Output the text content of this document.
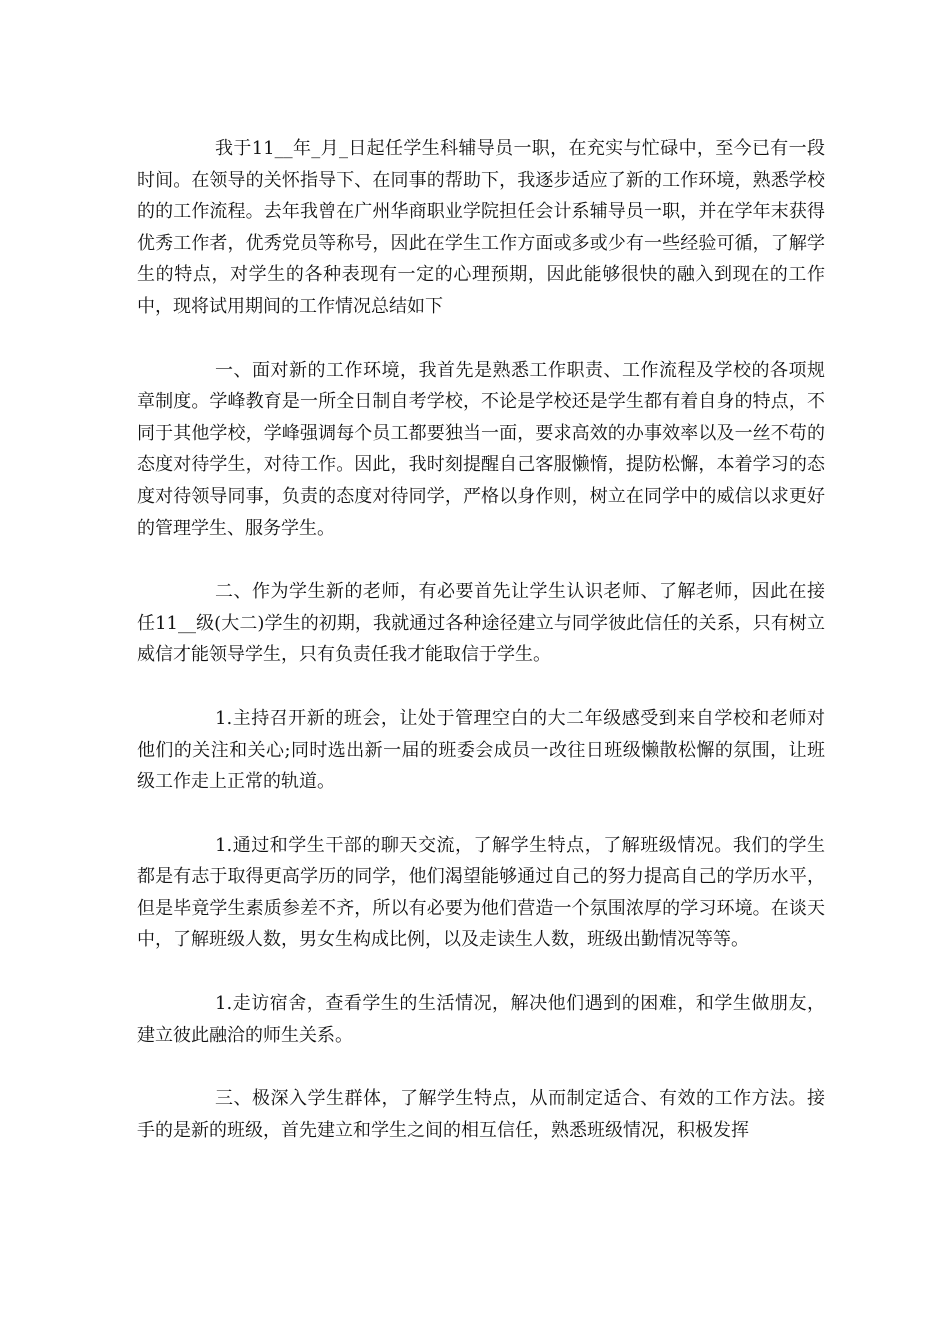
我于11__年_月_日起任学生科辅导员一职，在充实与忙碌中，至今已有一段时间。在领导的关怀指导下、在同事的帮助下，我逐步适应了新的工作环境，熟悉学校的的工作流程。去年我曾在广州华商职业学院担任会计系辅导员一职，并在学年末获得优秀工作者，优秀党员等称号，因此在学生工作方面或多或少有一些经验可循，了解学生的特点，对学生的各种表现有一定的心理预期，因此能够很快的融入到现在的工作中，现将试用期间的工作情况总结如下

一、面对新的工作环境，我首先是熟悉工作职责、工作流程及学校的各项规章制度。学峰教育是一所全日制自考学校，不论是学校还是学生都有着自身的特点，不同于其他学校，学峰强调每个员工都要独当一面，要求高效的办事效率以及一丝不苟的态度对待学生，对待工作。因此，我时刻提醒自己客服懒惰，提防松懈，本着学习的态度对待领导同事，负责的态度对待同学，严格以身作则，树立在同学中的威信以求更好的管理学生、服务学生。

二、作为学生新的老师，有必要首先让学生认识老师、了解老师，因此在接任11__级(大二)学生的初期，我就通过各种途径建立与同学彼此信任的关系，只有树立威信才能领导学生，只有负责任我才能取信于学生。

1.主持召开新的班会，让处于管理空白的大二年级感受到来自学校和老师对他们的关注和关心;同时选出新一届的班委会成员一改往日班级懒散松懈的氛围，让班级工作走上正常的轨道。

1.通过和学生干部的聊天交流，了解学生特点，了解班级情况。我们的学生都是有志于取得更高学历的同学，他们渴望能够通过自己的努力提高自己的学历水平，但是毕竟学生素质参差不齐，所以有必要为他们营造一个氛围浓厚的学习环境。在谈天中，了解班级人数，男女生构成比例，以及走读生人数，班级出勤情况等等。

1.走访宿舍，查看学生的生活情况，解决他们遇到的困难，和学生做朋友，建立彼此融洽的师生关系。

三、极深入学生群体，了解学生特点，从而制定适合、有效的工作方法。接手的是新的班级，首先建立和学生之间的相互信任，熟悉班级情况，积极发挥
